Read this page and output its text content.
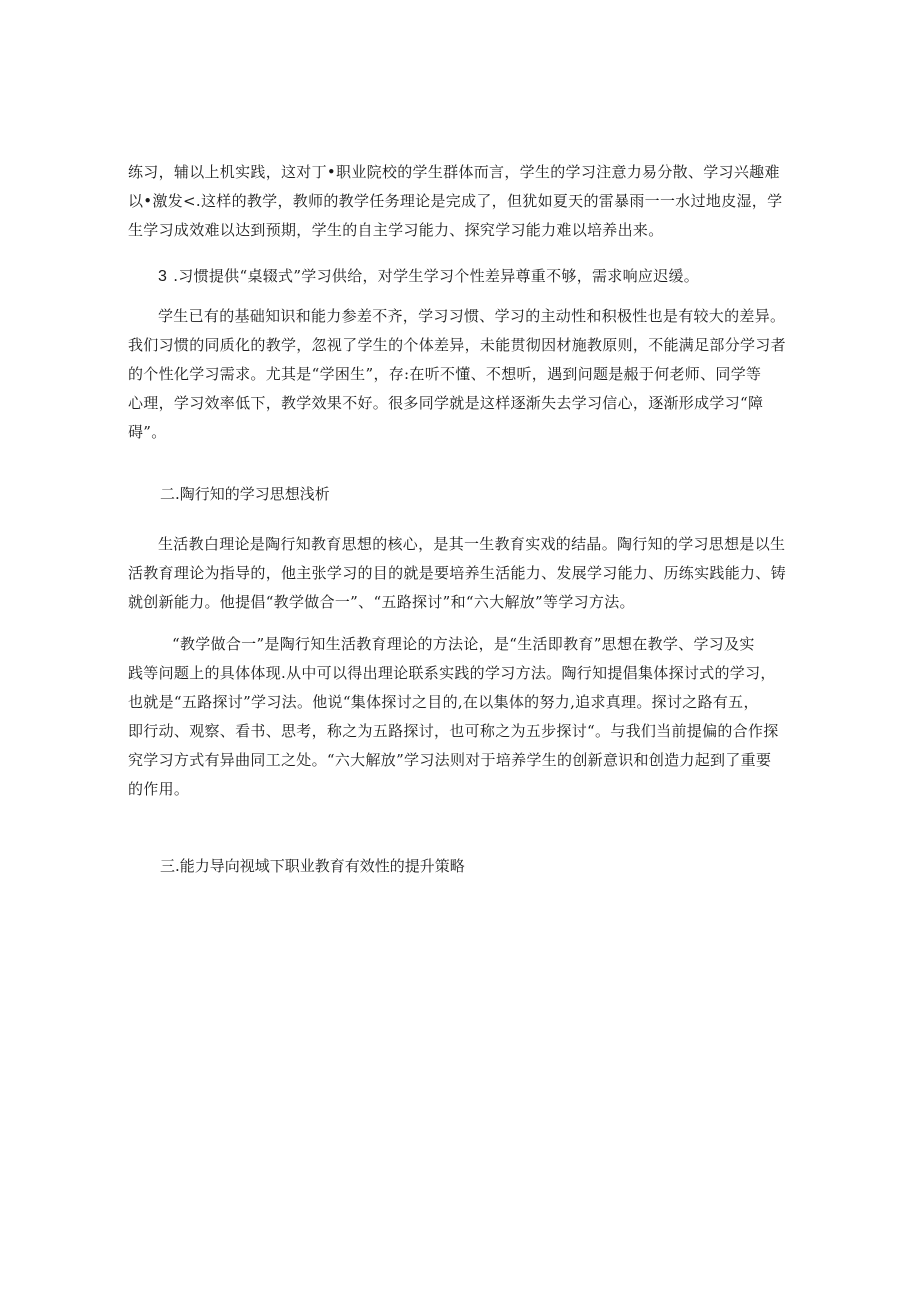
练习，辅以上机实践，这对丁•职业院校的学生群体而言，学生的学习注意力易分散、学习兴趣难
以•激发<.这样的教学，教师的教学任务理论是完成了，但犹如夏天的雷暴雨一一水过地皮湿，学
生学习成效难以达到预期，学生的自主学习能力、探究学习能力难以培养出来。
3 .习惯提供“桌辍式”学习供给，对学生学习个性差异尊重不够，需求响应迟缓。
学生已有的基础知识和能力参差不齐，学习习惯、学习的主动性和积极性也是有较大的差异。
我们习惯的同质化的教学，忽视了学生的个体差异，未能贯彻因材施教原则，不能满足部分学习者
的个性化学习需求。尤其是“学困生”，存:在听不懂、不想听，遇到问题是赧于何老师、同学等
心理，学习效率低下，教学效果不好。很多同学就是这样逐渐失去学习信心，逐渐形成学习“障
碍”。
二.陶行知的学习思想浅析
生活教白理论是陶行知教育思想的核心，是其一生教育实戏的结晶。陶行知的学习思想是以生
活教育理论为指导的，他主张学习的目的就是要培养生活能力、发展学习能力、历练实践能力、铸
就创新能力。他提倡“教学做合一”、“五路探讨”和“六大解放”等学习方法。
“教学做合一”是陶行知生活教育理论的方法论，是“生活即教育”思想在教学、学习及实
践等问题上的具体体现.从中可以得出理论联系实践的学习方法。陶行知提倡集体探讨式的学习，
也就是“五路探讨”学习法。他说“集体探讨之目的,在以集体的努力,追求真理。探讨之路有五，
即行动、观察、看书、思考，称之为五路探讨，也可称之为五步探讨“。与我们当前提偏的合作探
究学习方式有异曲同工之处。“六大解放”学习法则对于培养学生的创新意识和创造力起到了重要
的作用。
三.能力导向视域下职业教育有效性的提升策略
